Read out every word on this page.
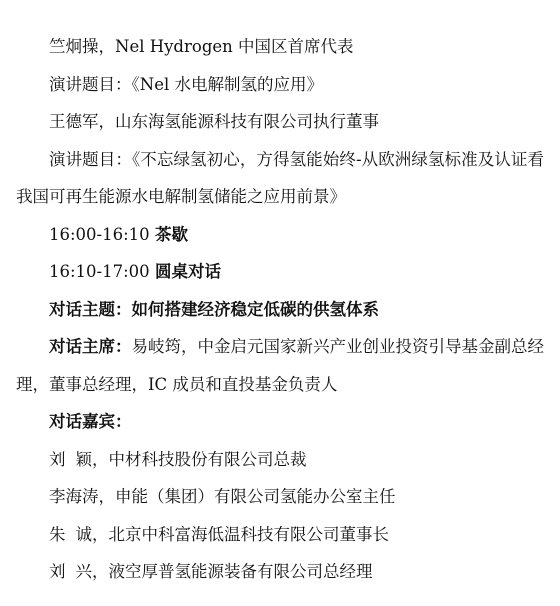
竺炯操，Nel Hydrogen 中国区首席代表

演讲题目：《Nel 水电解制氢的应用》

王德军，山东海氢能源科技有限公司执行董事

演讲题目：《不忘绿氢初心，方得氢能始终-从欧洲绿氢标准及认证看我国可再生能源水电解制氢储能之应用前景》

16:00-16:10 茶歇

16:10-17:00 圆桌对话

对话主题：如何搭建经济稳定低碳的供氢体系

对话主席：易岐筠，中金启元国家新兴产业创业投资引导基金副总经理，董事总经理，IC 成员和直投基金负责人

对话嘉宾：

刘 颖，中材科技股份有限公司总裁

李海涛，申能（集团）有限公司氢能办公室主任

朱 诚，北京中科富海低温科技有限公司董事长

刘 兴，液空厚普氢能源装备有限公司总经理
